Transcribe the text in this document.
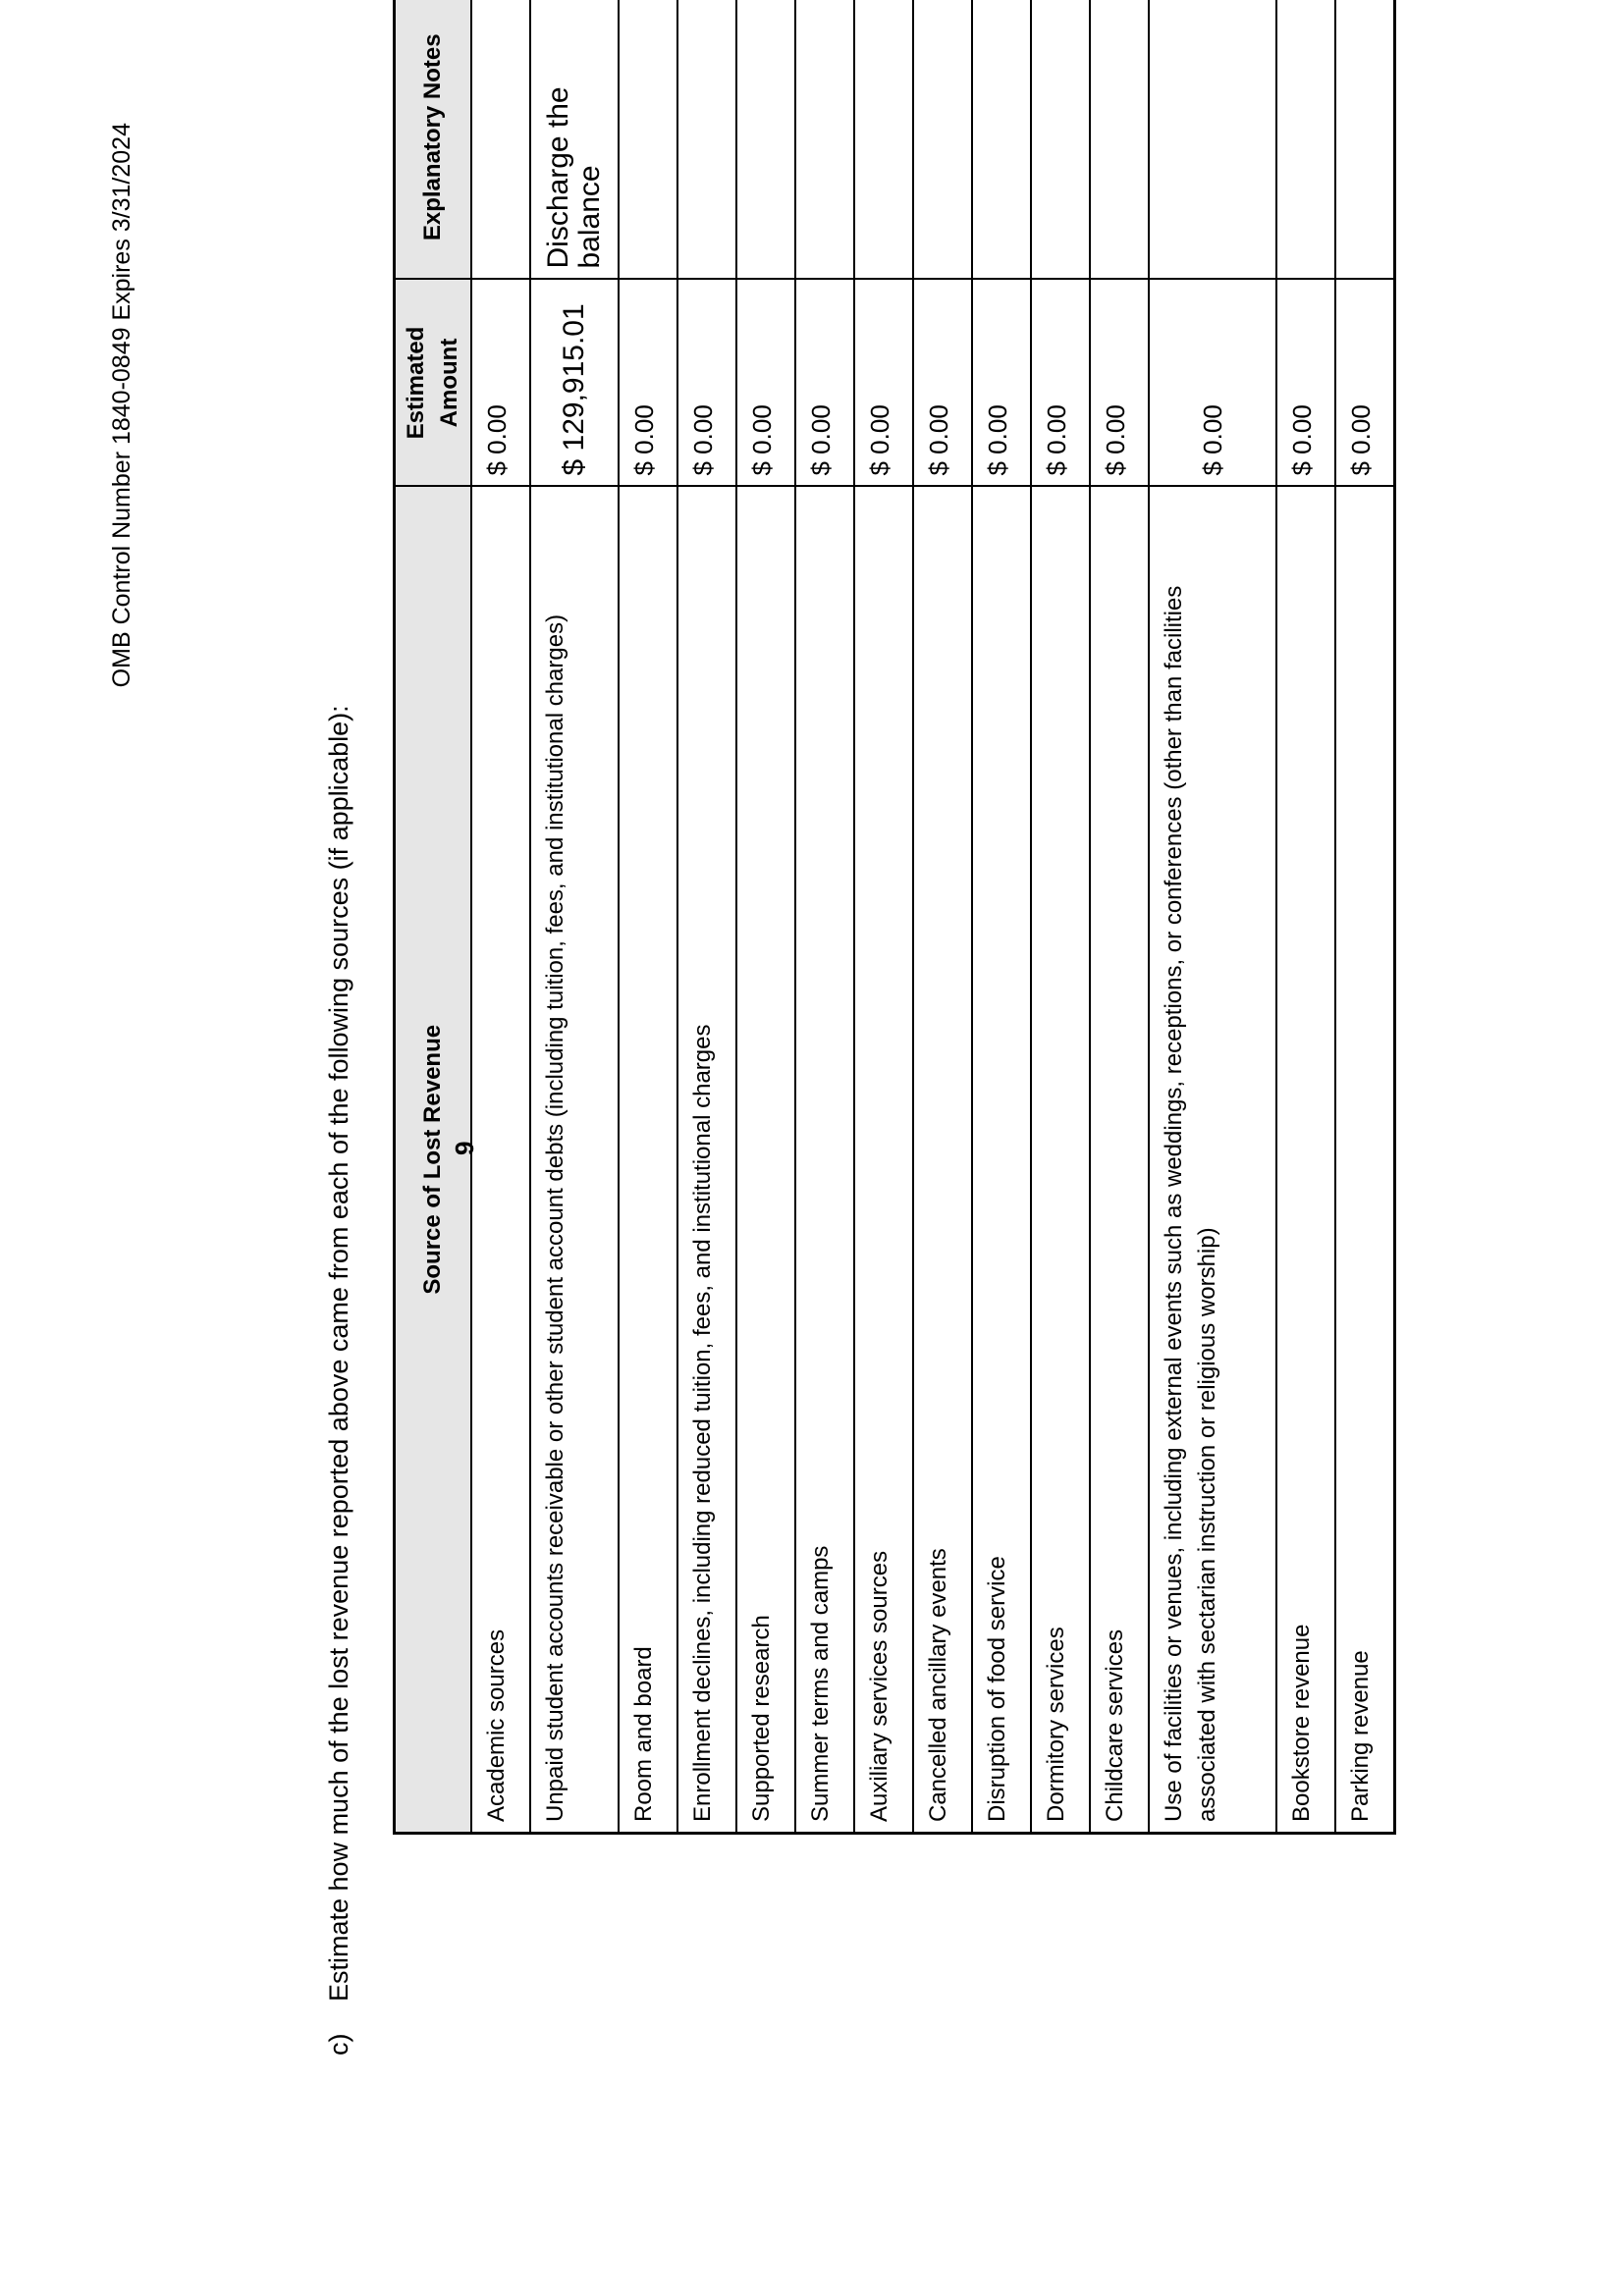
OMB Control Number 1840-0849 Expires 3/31/2024
c)Estimate how much of the lost revenue reported above came from each of the following sources (if applicable):	Source of Lost Revenue	Estimated Amount	Explanatory Notes
Academic sources	$ 0.00	
Unpaid student accounts receivable or other student account debts (including tuition, fees, and institutional charges)	$ 129,915.01	Discharge the balance
Room and board	$ 0.00	
Enrollment declines, including reduced tuition, fees, and institutional charges	$ 0.00	
Supported research	$ 0.00	
Summer terms and camps	$ 0.00	
Auxiliary services sources	$ 0.00	
Cancelled ancillary events	$ 0.00	
Disruption of food service	$ 0.00	
Dormitory services	$ 0.00	
Childcare services	$ 0.00	
Use of facilities or venues, including external events such as weddings, receptions, or conferences (other than facilities associated with sectarian instruction or religious worship)	$ 0.00	
Bookstore revenue	$ 0.00	
Parking revenue	$ 0.00	
9
